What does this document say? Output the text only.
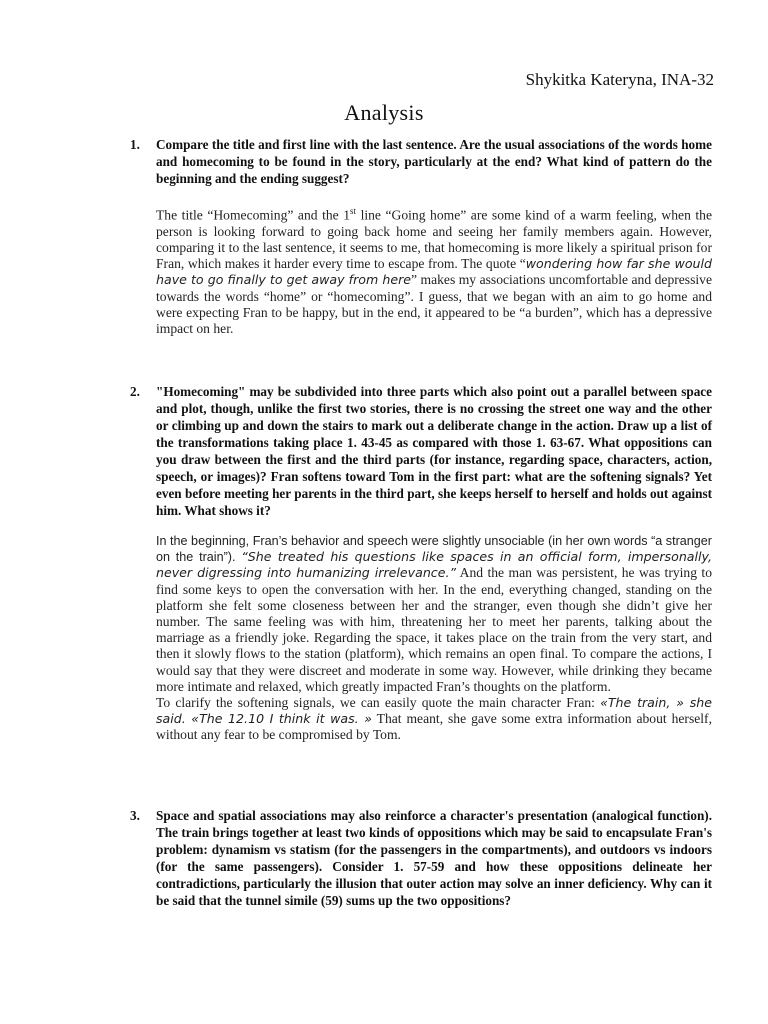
Shykitka Kateryna, INA-32
Analysis
1. Compare the title and first line with the last sentence. Are the usual associations of the words home and homecoming to be found in the story, particularly at the end? What kind of pattern do the beginning and the ending suggest?
The title “Homecoming” and the 1st line “Going home” are some kind of a warm feeling, when the person is looking forward to going back home and seeing her family members again. However, comparing it to the last sentence, it seems to me, that homecoming is more likely a spiritual prison for Fran, which makes it harder every time to escape from. The quote “wondering how far she would have to go finally to get away from here” makes my associations uncomfortable and depressive towards the words “home” or “homecoming”. I guess, that we began with an aim to go home and were expecting Fran to be happy, but in the end, it appeared to be “a burden”, which has a depressive impact on her.
2. "Homecoming" may be subdivided into three parts which also point out a parallel between space and plot, though, unlike the first two stories, there is no crossing the street one way and the other or climbing up and down the stairs to mark out a deliberate change in the action. Draw up a list of the transformations taking place 1. 43-45 as compared with those 1. 63-67. What oppositions can you draw between the first and the third parts (for instance, regarding space, characters, action, speech, or images)? Fran softens toward Tom in the first part: what are the softening signals? Yet even before meeting her parents in the third part, she keeps herself to herself and holds out against him. What shows it?
In the beginning, Fran’s behavior and speech were slightly unsociable (in her own words “a stranger on the train”). “She treated his questions like spaces in an official form, impersonally, never digressing into humanizing irrelevance.” And the man was persistent, he was trying to find some keys to open the conversation with her. In the end, everything changed, standing on the platform she felt some closeness between her and the stranger, even though she didn’t give her number. The same feeling was with him, threatening her to meet her parents, talking about the marriage as a friendly joke. Regarding the space, it takes place on the train from the very start, and then it slowly flows to the station (platform), which remains an open final. To compare the actions, I would say that they were discreet and moderate in some way. However, while drinking they became more intimate and relaxed, which greatly impacted Fran’s thoughts on the platform.
To clarify the softening signals, we can easily quote the main character Fran: «The train, » she said. «The 12.10 I think it was. » That meant, she gave some extra information about herself, without any fear to be compromised by Tom.
3. Space and spatial associations may also reinforce a character's presentation (analogical function). The train brings together at least two kinds of oppositions which may be said to encapsulate Fran's problem: dynamism vs statism (for the passengers in the compartments), and outdoors vs indoors (for the same passengers). Consider 1. 57-59 and how these oppositions delineate her contradictions, particularly the illusion that outer action may solve an inner deficiency. Why can it be said that the tunnel simile (59) sums up the two oppositions?
